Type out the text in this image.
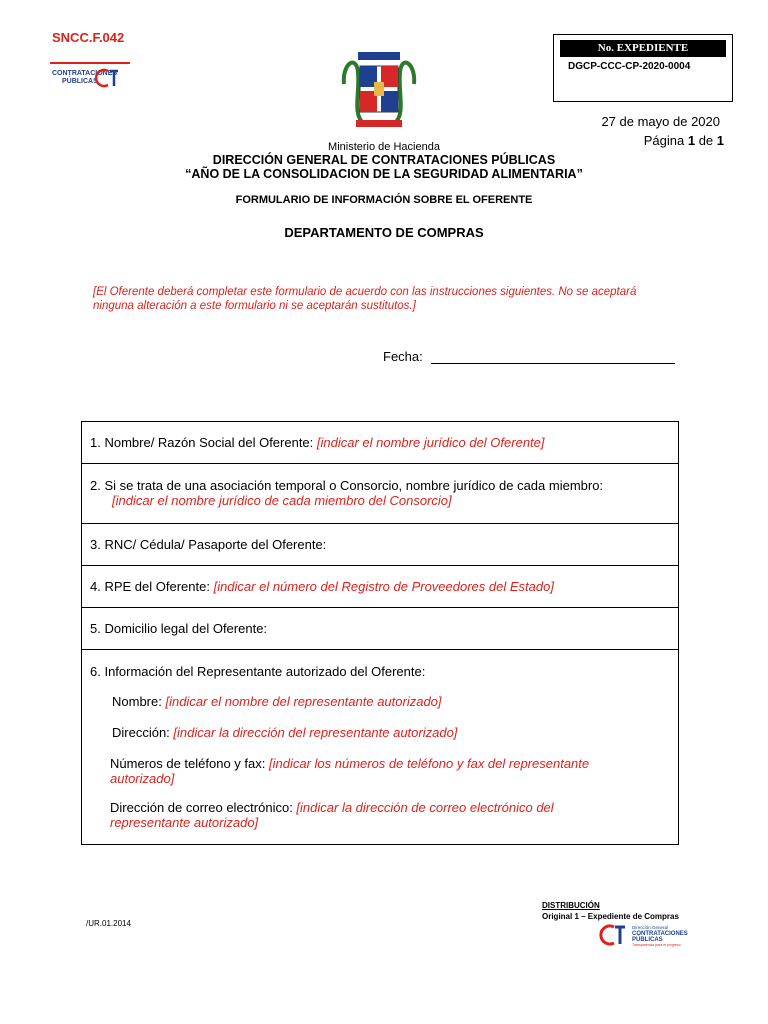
SNCC.F.042
CONTRATACIONES
PÚBLICAS
No. EXPEDIENTE
DGCP-CCC-CP-2020-0004
27 de mayo de 2020
Página 1 de 1
Ministerio de Hacienda
DIRECCIÓN GENERAL DE CONTRATACIONES PÚBLICAS
“AÑO DE LA CONSOLIDACION DE LA SEGURIDAD ALIMENTARIA”
FORMULARIO DE INFORMACIÓN SOBRE EL OFERENTE
DEPARTAMENTO DE COMPRAS
[El Oferente deberá completar este formulario de acuerdo con las instrucciones siguientes. No se aceptará ninguna alteración a este formulario ni se aceptarán sustitutos.]
Fecha:
1. Nombre/ Razón Social del Oferente: [indicar el nombre jurídico del Oferente]
2. Si se trata de una asociación temporal o Consorcio, nombre jurídico de cada miembro:
[indicar el nombre jurídico de cada miembro del Consorcio]
3. RNC/ Cédula/ Pasaporte del Oferente:
4. RPE del Oferente: [indicar el número del Registro de Proveedores del Estado]
5. Domicilio legal del Oferente:
6. Información del Representante autorizado del Oferente:
Nombre: [indicar el nombre del representante autorizado]
Dirección: [indicar la dirección del representante autorizado]
Números de teléfono y fax: [indicar los números de teléfono y fax del representante autorizado]
Dirección de correo electrónico: [indicar la dirección de correo electrónico del representante autorizado]
DISTRIBUCIÓN
Original 1 – Expediente de Compras
/UR.01.2014	Dirección General
CONTRATACIONES
PÚBLICAS
Transparencia para el progreso
